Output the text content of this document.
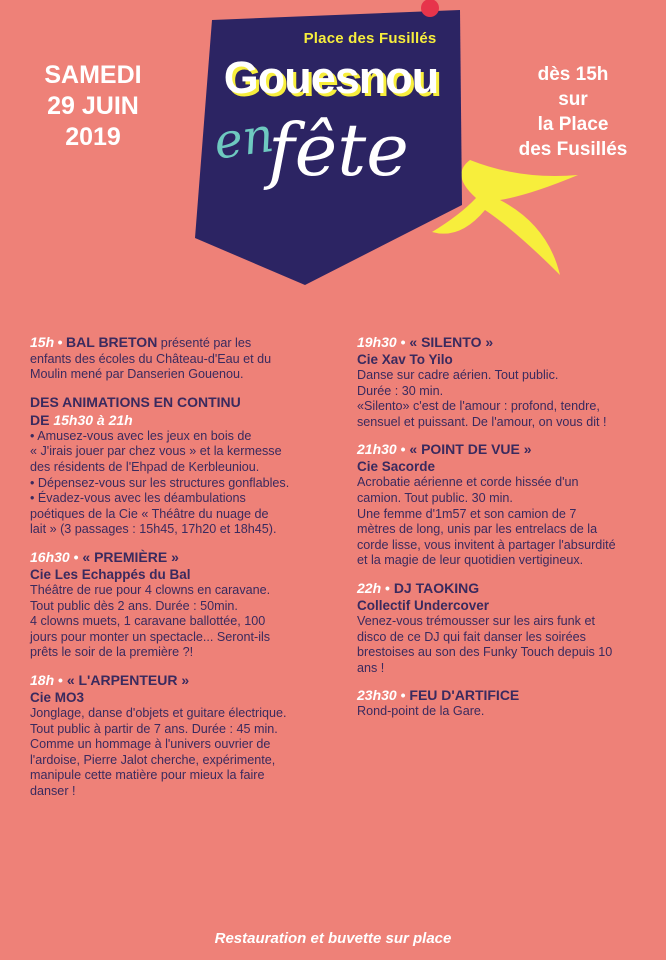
SAMEDI
29 JUIN
2019
Place des Fusillés
Gouesnou
en
fête
dès 15h
sur
la Place
des Fusillés
15h • BAL BRETON présenté par les
enfants des écoles du Château-d'Eau et du
Moulin mené par Danserien Gouenou.
DES ANIMATIONS EN CONTINU
DE 15h30 à 21h
• Amusez-vous avec les jeux en bois de
« J'irais jouer par chez vous » et la kermesse
des résidents de l'Ehpad de Kerbleuniou.
• Dépensez-vous sur les structures gonflables.
• Évadez-vous avec les déambulations
poétiques de la Cie « Théâtre du nuage de
lait » (3 passages : 15h45, 17h20 et 18h45).
16h30 • « PREMIÈRE »
Cie Les Echappés du Bal
Théâtre de rue pour 4 clowns en caravane.
Tout public dès 2 ans. Durée : 50min.
4 clowns muets, 1 caravane ballottée, 100
jours pour monter un spectacle... Seront-ils
prêts le soir de la première ?!
18h • « L'ARPENTEUR »
Cie MO3
Jonglage, danse d'objets et guitare électrique.
Tout public à partir de 7 ans. Durée : 45 min.
Comme un hommage à l'univers ouvrier de
l'ardoise, Pierre Jalot cherche, expérimente,
manipule cette matière pour mieux la faire
danser !
19h30 • « SILENTO »
Cie Xav To Yilo
Danse sur cadre aérien. Tout public.
Durée : 30 min.
«Silento» c'est de l'amour : profond, tendre,
sensuel et puissant. De l'amour, on vous dit !
21h30 • « POINT DE VUE »
Cie Sacorde
Acrobatie aérienne et corde hissée d'un
camion. Tout public. 30 min.
Une femme d'1m57 et son camion de 7
mètres de long, unis par les entrelacs de la
corde lisse, vous invitent à partager l'absurdité
et la magie de leur quotidien vertigineux.
22h • DJ TAOKING
Collectif Undercover
Venez-vous trémousser sur les airs funk et
disco de ce DJ qui fait danser les soirées
brestoises au son des Funky Touch depuis 10
ans !
23h30 • FEU D'ARTIFICE
Rond-point de la Gare.
Restauration et buvette sur place
